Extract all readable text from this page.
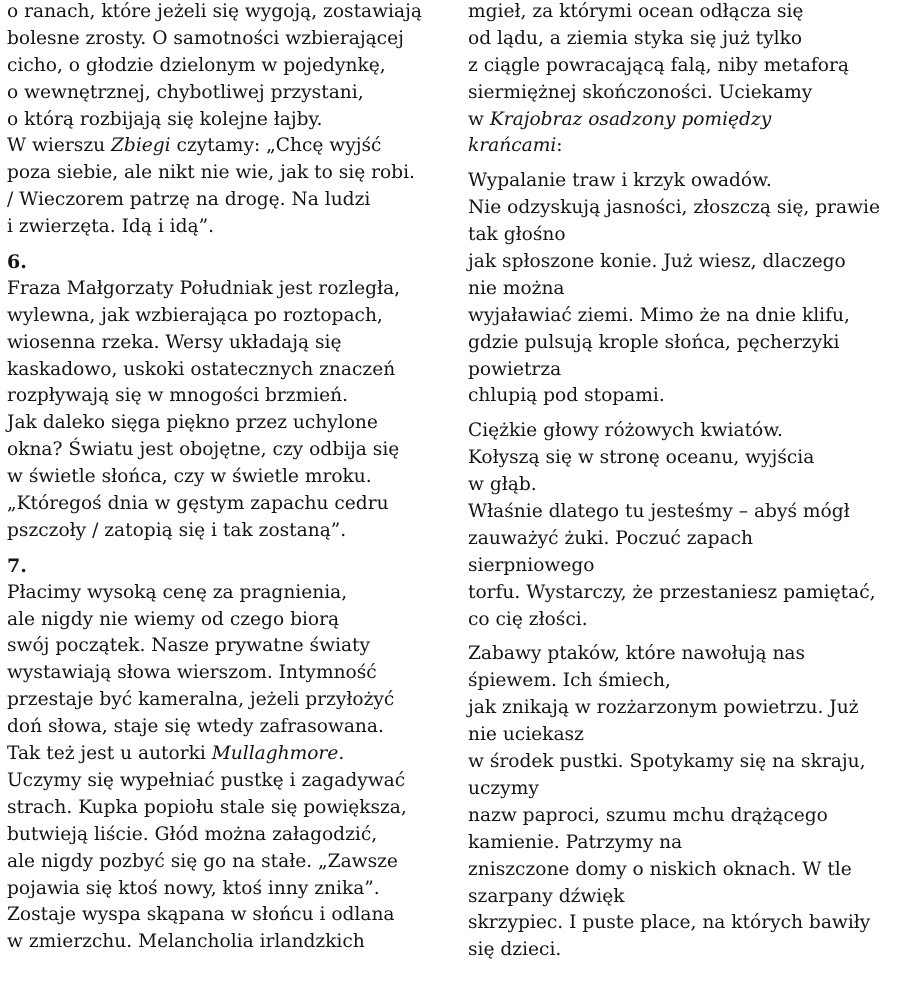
o ranach, które jeżeli się wygoją, zostawiają
bolesne zrosty. O samotności wzbierającej
cicho, o głodzie dzielonym w pojedynkę,
o wewnętrznej, chybotliwej przystani,
o którą rozbijają się kolejne łajby.
W wierszu Zbiegi czytamy: „Chcę wyjść
poza siebie, ale nikt nie wie, jak to się robi.
/ Wieczorem patrzę na drogę. Na ludzi
i zwierzęta. Idą i idą”.
6.
Fraza Małgorzaty Południak jest rozległa,
wylewna, jak wzbierająca po roztopach,
wiosenna rzeka. Wersy układają się
kaskadowo, uskoki ostatecznych znaczeń
rozpływają się w mnogości brzmień.
Jak daleko sięga piękno przez uchylone
okna? Światu jest obojętne, czy odbija się
w świetle słońca, czy w świetle mroku.
„Któregoś dnia w gęstym zapachu cedru
pszczoły / zatopią się i tak zostaną”.
7.
Płacimy wysoką cenę za pragnienia,
ale nigdy nie wiemy od czego biorą
swój początek. Nasze prywatne światy
wystawiają słowa wierszom. Intymność
przestaje być kameralna, jeżeli przyłożyć
doń słowa, staje się wtedy zafrasowana.
Tak też jest u autorki Mullaghmore.
Uczymy się wypełniać pustkę i zagadywać
strach. Kupka popiołu stale się powiększa,
butwieją liście. Głód można załagodzić,
ale nigdy pozbyć się go na stałe. „Zawsze
pojawia się ktoś nowy, ktoś inny znika”.
Zostaje wyspa skąpana w słońcu i odlana
w zmierzchu. Melancholia irlandzkich
mgieł, za którymi ocean odłącza się
od lądu, a ziemia styka się już tylko
z ciągle powracającą falą, niby metaforą
siermiężnej skończoności. Uciekamy
w Krajobraz osadzony pomiędzy
krańcami:
Wypalanie traw i krzyk owadów.
Nie odzyskują jasności, złoszczą się, prawie
tak głośno
jak spłoszone konie. Już wiesz, dlaczego
nie można
wyjaławiać ziemi. Mimo że na dnie klifu,
gdzie pulsują krople słońca, pęcherzyki
powietrza
chlupią pod stopami.
Ciężkie głowy różowych kwiatów.
Kołyszą się w stronę oceanu, wyjścia
w głąb.
Właśnie dlatego tu jesteśmy – abyś mógł
zauważyć żuki. Poczuć zapach
sierpniowego
torfu. Wystarczy, że przestaniesz pamiętać,
co cię złości.
Zabawy ptaków, które nawołują nas
śpiewem. Ich śmiech,
jak znikają w rozżarzonym powietrzu. Już
nie uciekasz
w środek pustki. Spotykamy się na skraju,
uczymy
nazw paproci, szumu mchu drążącego
kamienie. Patrzymy na
zniszczone domy o niskich oknach. W tle
szarpany dźwięk
skrzypiec. I puste place, na których bawiły
się dzieci.
